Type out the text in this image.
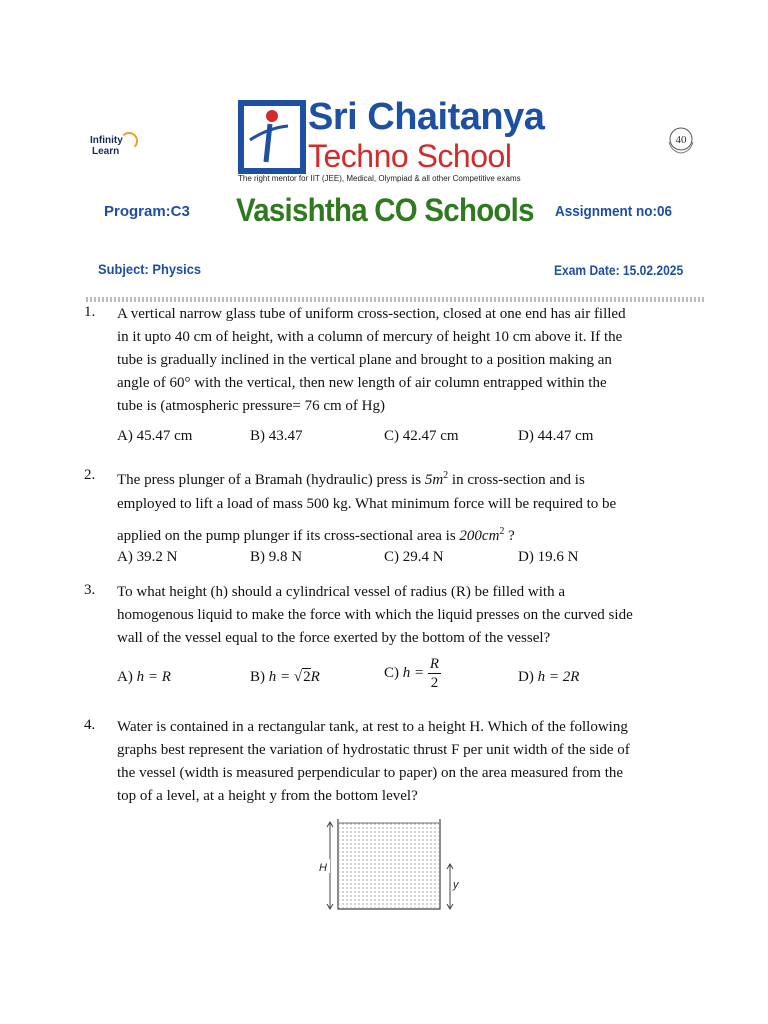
Infinity
Learn
Sri Chaitanya
Techno School
The right mentor for IIT (JEE), Medical, Olympiad & all other Competitive exams
40
Program:C3 Vasishtha CO Schools Assignment no:06
Subject: Physics	Exam Date: 15.02.2025
1. A vertical narrow glass tube of uniform cross-section, closed at one end has air filled
in it upto 40 cm of height, with a column of mercury of height 10 cm above it. If the
tube is gradually inclined in the vertical plane and brought to a position making an
angle of 60° with the vertical, then new length of air column entrapped within the
tube is (atmospheric pressure= 76 cm of Hg)
A) 45.47 cm	B) 43.47	C) 42.47 cm	D) 44.47 cm
2. The press plunger of a Bramah (hydraulic) press is $5m^2$ in cross-section and is
employed to lift a load of mass 500 kg. What minimum force will be required to be
applied on the pump plunger if its cross-sectional area is $200cm^2$ ?
A) 39.2 N	B) 9.8 N	C) 29.4 N	D) 19.6 N
3. To what height (h) should a cylindrical vessel of radius (R) be filled with a
homogenous liquid to make the force with which the liquid presses on the curved side
wall of the vessel equal to the force exerted by the bottom of the vessel?
A) h = R	B) h = √2R	C) $h = \frac{R}{2}$	D) h = 2R
4. Water is contained in a rectangular tank, at rest to a height H. Which of the following
graphs best represent the variation of hydrostatic thrust F per unit width of the side of
the vessel (width is measured perpendicular to paper) on the area measured from the
top of a level, at a height y from the bottom level?
H
y
